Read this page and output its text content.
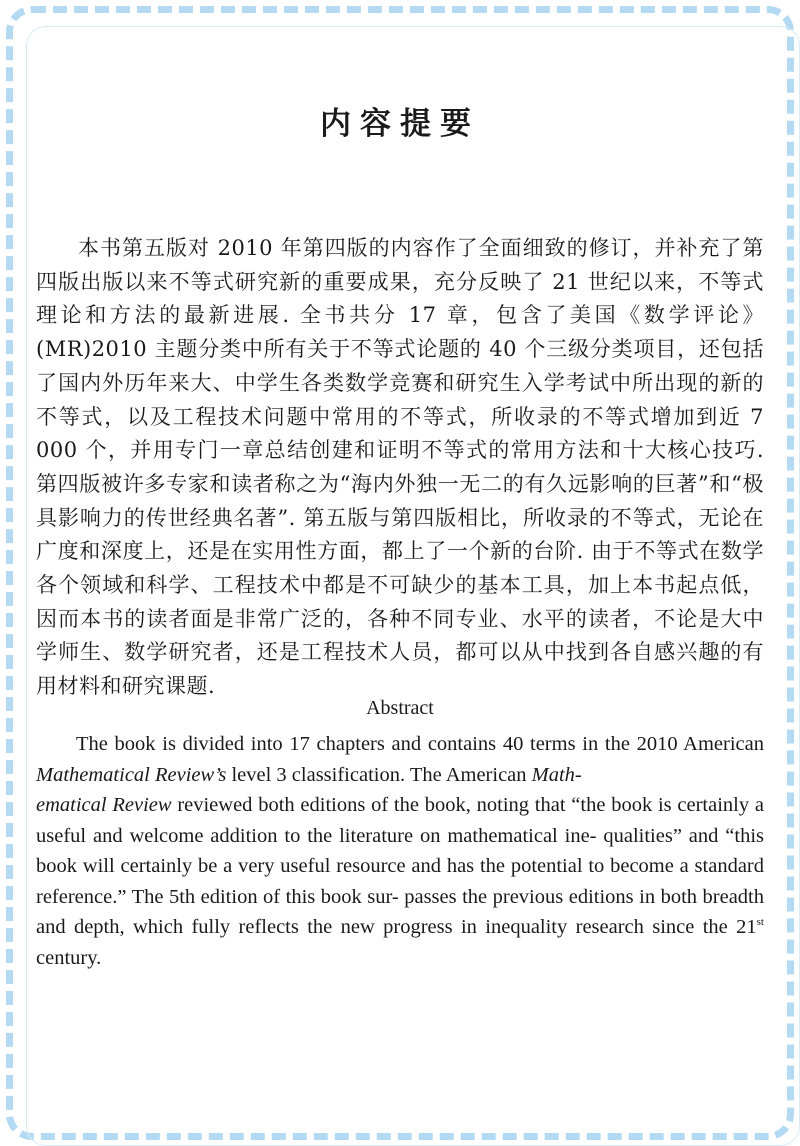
内容提要

本书第五版对 2010 年第四版的内容作了全面细致的修订，并补充了第四版出版以来不等式研究新的重要成果，充分反映了 21 世纪以来，不等式理论和方法的最新进展. 全书共分 17 章，包含了美国《数学评论》(MR)2010 主题分类中所有关于不等式论题的 40 个三级分类项目，还包括了国内外历年来大、中学生各类数学竞赛和研究生入学考试中所出现的新的不等式，以及工程技术问题中常用的不等式，所收录的不等式增加到近 7 000 个，并用专门一章总结创建和证明不等式的常用方法和十大核心技巧. 第四版被许多专家和读者称之为“海内外独一无二的有久远影响的巨著”和“极具影响力的传世经典名著”. 第五版与第四版相比，所收录的不等式，无论在广度和深度上，还是在实用性方面，都上了一个新的台阶. 由于不等式在数学各个领域和科学、工程技术中都是不可缺少的基本工具，加上本书起点低，因而本书的读者面是非常广泛的，各种不同专业、水平的读者，不论是大中学师生、数学研究者，还是工程技术人员，都可以从中找到各自感兴趣的有用材料和研究课题.

Abstract

The book is divided into 17 chapters and contains 40 terms in the 2010 American Mathematical Review’s level 3 classification. The American Math-
ematical Review reviewed both editions of the book, noting that “the book is certainly a useful and welcome addition to the literature on mathematical ine- qualities” and “this book will certainly be a very useful resource and has the potential to become a standard reference.” The 5th edition of this book sur- passes the previous editions in both breadth and depth, which fully reflects the new progress in inequality research since the 21st century.
